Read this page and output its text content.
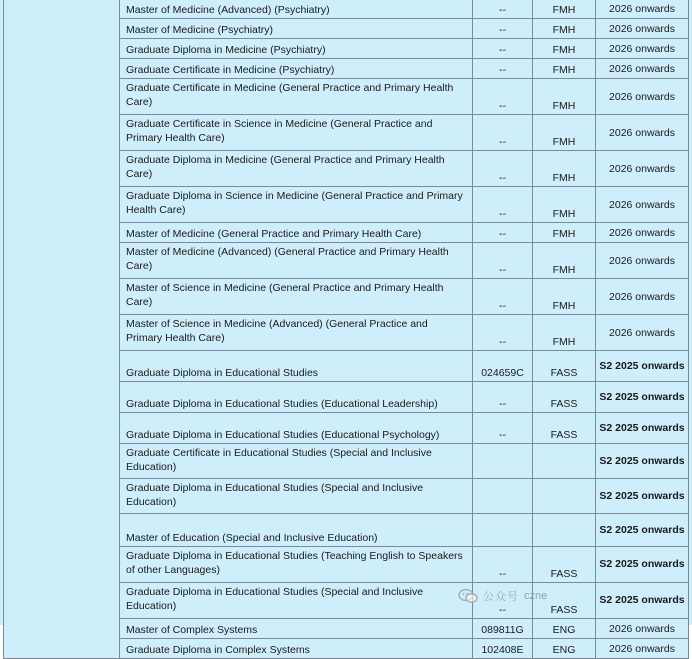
	Master of Medicine (Advanced) (Psychiatry)	--	FMH	2026 onwards
	Master of Medicine (Psychiatry)	--	FMH	2026 onwards
	Graduate Diploma in Medicine (Psychiatry)	--	FMH	2026 onwards
	Graduate Certificate in Medicine (Psychiatry)	--	FMH	2026 onwards
	Graduate Certificate in Medicine (General Practice and Primary Health Care)	--	FMH	2026 onwards
	Graduate Certificate in Science in Medicine (General Practice and Primary Health Care)	--	FMH	2026 onwards
	Graduate Diploma in Medicine (General Practice and Primary Health Care)	--	FMH	2026 onwards
	Graduate Diploma in Science in Medicine (General Practice and Primary Health Care)	--	FMH	2026 onwards
	Master of Medicine (General Practice and Primary Health Care)	--	FMH	2026 onwards
	Master of Medicine (Advanced) (General Practice and Primary Health Care)	--	FMH	2026 onwards
	Master of Science in Medicine (General Practice and Primary Health Care)	--	FMH	2026 onwards
	Master of Science in Medicine (Advanced) (General Practice and Primary Health Care)	--	FMH	2026 onwards
	Graduate Diploma in Educational Studies	024659C	FASS	S2 2025 onwards
	Graduate Diploma in Educational Studies (Educational Leadership)	--	FASS	S2 2025 onwards
	Graduate Diploma in Educational Studies (Educational Psychology)	--	FASS	S2 2025 onwards
	Graduate Certificate in Educational Studies (Special and Inclusive Education)			S2 2025 onwards
	Graduate Diploma in Educational Studies (Special and Inclusive Education)			S2 2025 onwards
	Master of Education (Special and Inclusive Education)			S2 2025 onwards
	Graduate Diploma in Educational Studies (Teaching English to Speakers of other Languages)	--	FASS	S2 2025 onwards
	Graduate Diploma in Educational Studies (Special and Inclusive Education)	--	FASS	S2 2025 onwards
	Master of Complex Systems	089811G	ENG	2026 onwards
	Graduate Diploma in Complex Systems	102408E	ENG	2026 onwards
公众号 czne
